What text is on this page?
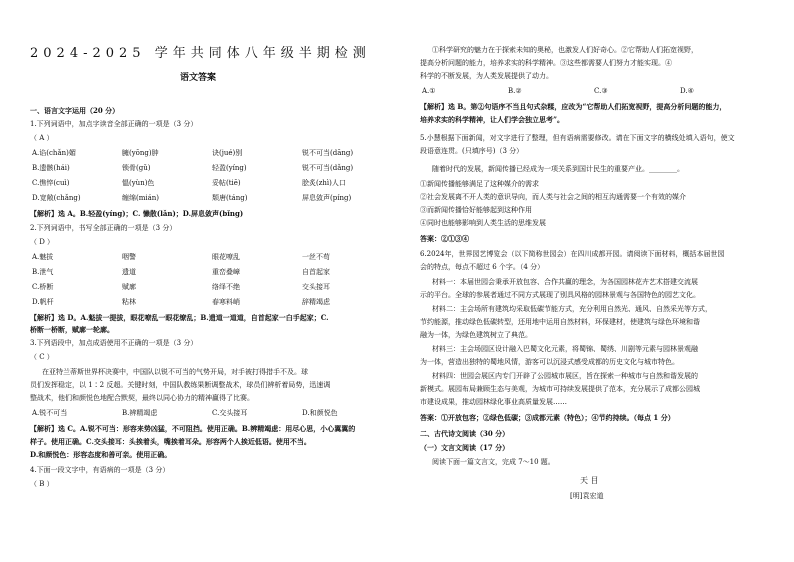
2024-2025 学年共同体八年级半期检测
语文答案
一、语言文字运用（20 分）
1.下列词语中，加点字读音全部正确的一项是（3 分）
（ A ）
A.谄(chǎn)媚	臃(yōng)肿	诀(jué)别	锐不可当(dāng)
B.遗骸(hái)	锁骨(gǔ)	轻盈(yíng)	锐不可当(dǎng)
C.憔悴(cuì)	愠(yùn)色	妥帖(tiē)	脍炙(zhì)人口
D.宽敞(chǎng)	缠绵(mián)	颓唐(táng)	屏息敛声(píng)
【解析】选 A。B.轻盈(yíng)；C. 懒散(lǎn)；D.屏息敛声(bǐng)
2.下列词语中，书写全部正确的一项是（3 分）
（ D ）
A.魅拔	咽警	眼花嘹乱	一丝不苟
B.泄气	遗道	重峦叠嶂	自首起家
C.桥断	赋廓	络绎不绝	交头接耳
D.帆杆	粘林	春寒料峭	辞精竭虑
【解析】选 D。A.魁拔一提拔，眼花嘹乱一眼花缭乱；B.遗道一道道，自首起家一白手起家；C.
桥断一桥断，赋廓一轮廓。
3.下列语段中，加点成语使用不正确的一项是（3 分）
（ C ）
在亚特兰蒂斯世界杯决赛中，中国队以锐不可当的气势开局，对手被打得措手不及。球
员们发挥稳定，以 1∶2 反超。关键时刻，中国队教练果断调整战术，球员们辨析着局势，迅速调
整战术，他们和颜悦色地配合默契，最终以同心协力的精神赢得了比赛。
A.锐不可当	B.辨精竭虑	C.交头接耳	D.和颜悦色
【解析】选 C。A.锐不可当：形容来势凶猛，不可阻挡。使用正确。B.辨精竭虑：用尽心思，小心翼翼的
样子。使用正确。C.交头接耳：头挨着头，嘴挨着耳朵。形容两个人挨近低语。使用不当。
D.和颜悦色：形容态度和善可亲。使用正确。
4.下面一段文字中，有语病的一项是（3 分）
（ B ）
①科学研究的魅力在于探索未知的奥秘，也激发人们好奇心。②它帮助人们拓宽视野，
提高分析问题的能力，培养求实的科学精神。③这些都需要人们努力才能实现。④
科学的不断发展，为人类发展提供了动力。
A.①	B.②	C.③	D.④
【解析】选 B。第②句语序不当且句式杂糅，应改为“它帮助人们拓宽视野，提高分析问题的能力，
培养求实的科学精神，让人们学会独立思考”。
5.小慧根据下面新闻，对文字进行了整理，但有语病需要修改。请在下面文字的横线处填入语句，使文
段语意连贯。(只填序号)（3 分）
随着时代的发展，新闻传播已经成为一项关系到国计民生的重要产业。________。
①新闻传播能够满足了这种媒介的需求
②社会发展离不开人类的意识导向，而人类与社会之间的相互沟通需要一个有效的媒介
③而新闻传播恰好能够起到这种作用
④同时也能够影响到人类生活的思维发展
答案：②①③④
6.2024年，世界园艺博览会（以下简称世园会）在四川成都开园。请阅读下面材料，概括本届世园
会的特点，每点不超过 6 个字。（4 分）
材料一：本届世园会秉承开放包容、合作共赢的理念，为各国园林花卉艺术搭建交流展
示的平台。全球的参展者通过不同方式展现了别具风格的园林景观与各国特色的园艺文化。
材料二：主会场所有建筑均采取低碳节能方式，充分利用自然光、通风、自然采光等方式，
节约能源，推动绿色低碳转型，还用地中运用自然材料，环保建材，使建筑与绿色环境和谐
融为一体，为绿色建筑树立了典范。
材料三：主会场园区设计融入巴蜀文化元素，将蜀锦、蜀绣、川剧等元素与园林景观融
为一体，营造出独特的蜀地风情，游客可以沉浸式感受成都的历史文化与城市特色。
材料四：世园会展区内专门开辟了公园城市展区，旨在探索一种城市与自然和谐发展的
新模式。展园布局兼顾生态与美观，为城市可持续发展提供了范本，充分展示了成都公园城
市建设成果，推动园林绿化事业高质量发展……
答案：①开放包容；②绿色低碳；③成都元素（特色）；④节约持续。（每点 1 分）
二、古代诗文阅读（30 分）
（一）文言文阅读（17 分）
阅读下面一篇文言文，完成 7～10 题。
天 目
[明]袁宏道
